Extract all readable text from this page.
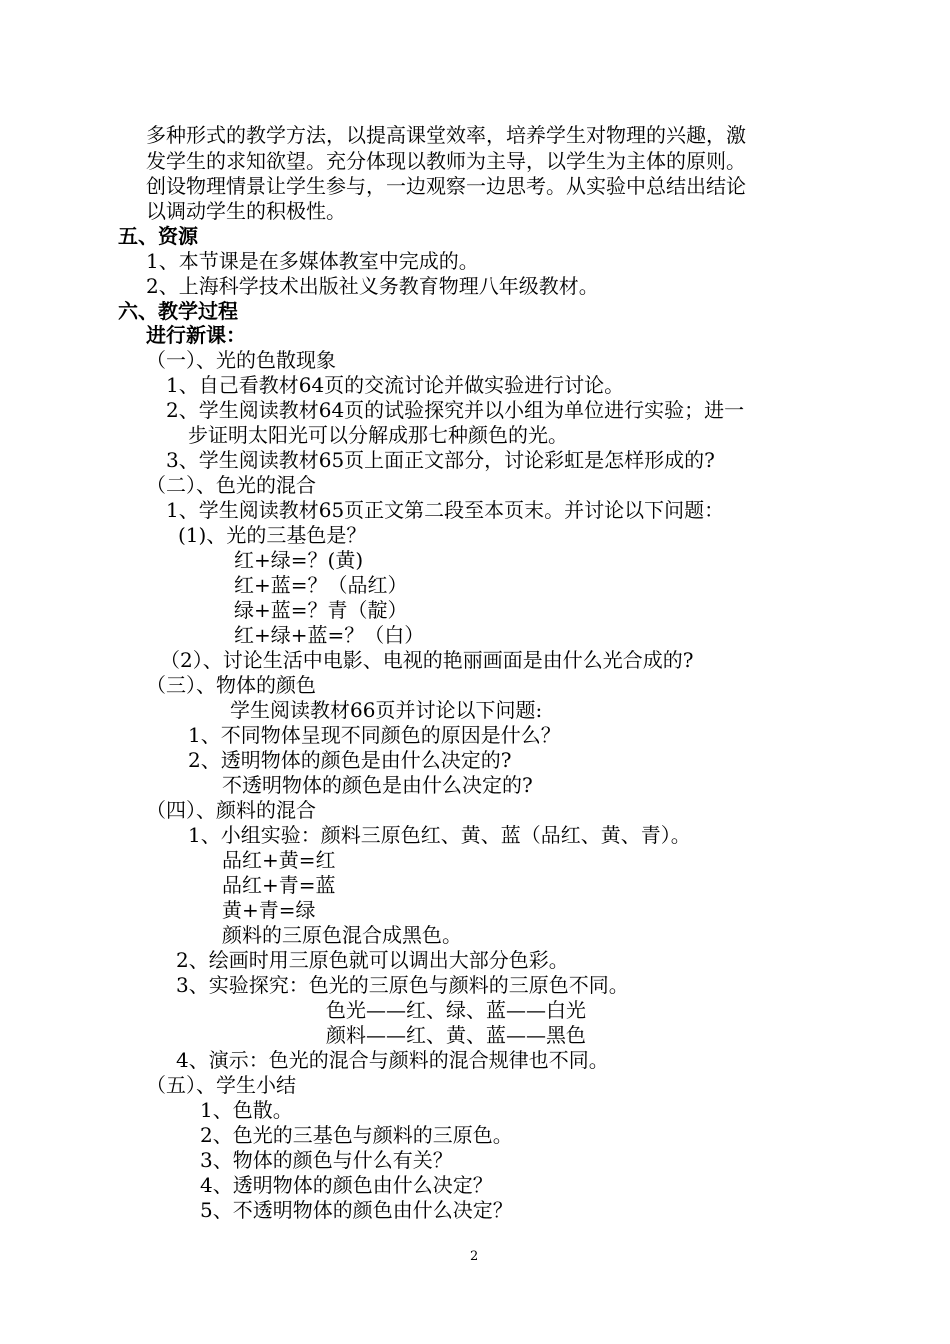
多种形式的教学方法，以提高课堂效率，培养学生对物理的兴趣，激
发学生的求知欲望。充分体现以教师为主导，以学生为主体的原则。
创设物理情景让学生参与，一边观察一边思考。从实验中总结出结论
以调动学生的积极性。
五、资源
1、本节课是在多媒体教室中完成的。
2、上海科学技术出版社义务教育物理八年级教材。
六、教学过程
进行新课：
（一）、光的色散现象
1、自己看教材64页的交流讨论并做实验进行讨论。
2、学生阅读教材64页的试验探究并以小组为单位进行实验；进一
步证明太阳光可以分解成那七种颜色的光。
3、学生阅读教材65页上面正文部分，讨论彩虹是怎样形成的?
（二）、色光的混合
1、学生阅读教材65页正文第二段至本页末。并讨论以下问题：
(1)、光的三基色是？
红+绿=？(黄)
红+蓝=？（品红）
绿+蓝=？青（靛）
红+绿+蓝=？（白）
（2）、讨论生活中电影、电视的艳丽画面是由什么光合成的?
（三）、物体的颜色
学生阅读教材66页并讨论以下问题:
1、不同物体呈现不同颜色的原因是什么？
2、透明物体的颜色是由什么决定的?
不透明物体的颜色是由什么决定的?
（四）、颜料的混合
1、小组实验：颜料三原色红、黄、蓝（品红、黄、青）。
品红+黄=红
品红+青=蓝
黄+青=绿
颜料的三原色混合成黑色。
2、绘画时用三原色就可以调出大部分色彩。
3、实验探究：色光的三原色与颜料的三原色不同。
色光——红、绿、蓝——白光
颜料——红、黄、蓝——黑色
4、演示：色光的混合与颜料的混合规律也不同。
（五）、学生小结
1、色散。
2、色光的三基色与颜料的三原色。
3、物体的颜色与什么有关？
4、透明物体的颜色由什么决定？
5、不透明物体的颜色由什么决定？
2
